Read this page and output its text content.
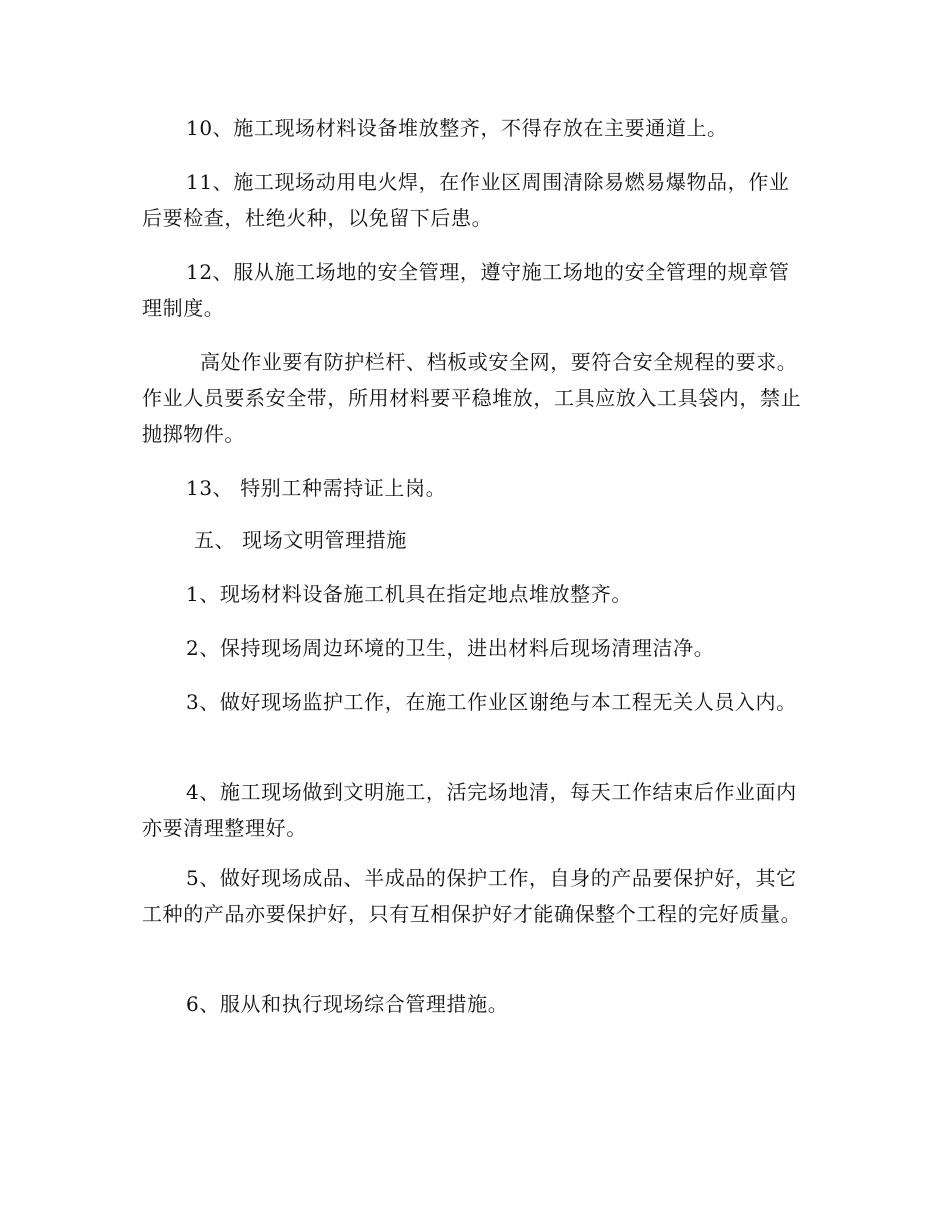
10、施工现场材料设备堆放整齐，不得存放在主要通道上。

11、施工现场动用电火焊，在作业区周围清除易燃易爆物品，作业后要检查，杜绝火种，以免留下后患。

12、服从施工场地的安全管理，遵守施工场地的安全管理的规章管理制度。

高处作业要有防护栏杆、档板或安全网，要符合安全规程的要求。作业人员要系安全带，所用材料要平稳堆放，工具应放入工具袋内，禁止抛掷物件。

13、 特别工种需持证上岗。

五、 现场文明管理措施

1、现场材料设备施工机具在指定地点堆放整齐。

2、保持现场周边环境的卫生，进出材料后现场清理洁净。

3、做好现场监护工作，在施工作业区谢绝与本工程无关人员入内。

4、施工现场做到文明施工，活完场地清，每天工作结束后作业面内亦要清理整理好。

5、做好现场成品、半成品的保护工作，自身的产品要保护好，其它工种的产品亦要保护好，只有互相保护好才能确保整个工程的完好质量。

6、服从和执行现场综合管理措施。
